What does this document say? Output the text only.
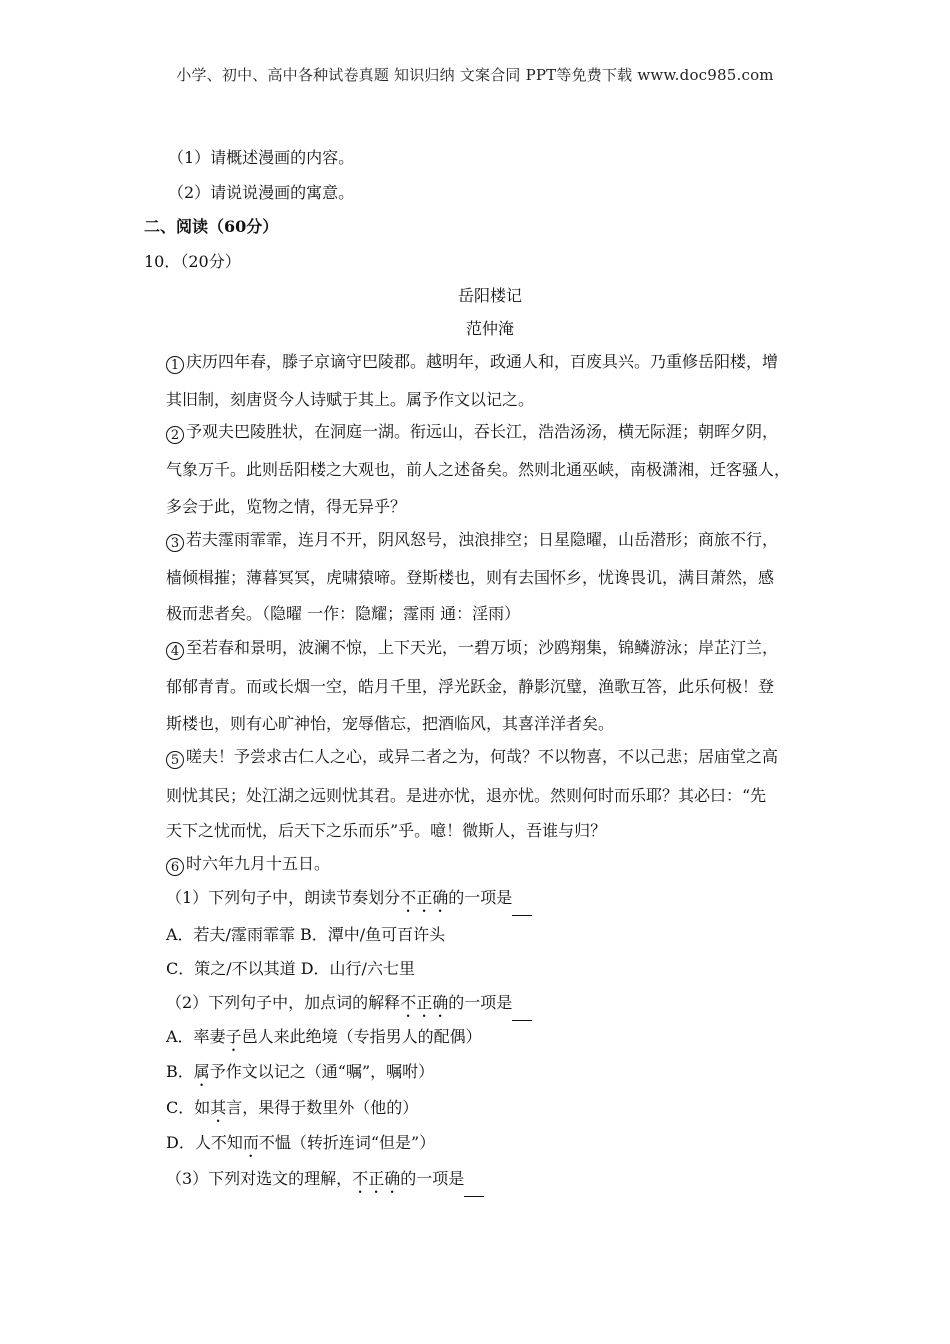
小学、初中、高中各种试卷真题 知识归纳 文案合同 PPT等免费下载 www.doc985.com
（1）请概述漫画的内容。
（2）请说说漫画的寓意。
二、阅读（60分）
10．（20分）
岳阳楼记
范仲淹
1 庆历四年春，滕子京谪守巴陵郡。越明年，政通人和，百废具兴。乃重修岳阳楼，增
其旧制，刻唐贤今人诗赋于其上。属予作文以记之。
2 予观夫巴陵胜状，在洞庭一湖。衔远山，吞长江，浩浩汤汤，横无际涯；朝晖夕阴，
气象万千。此则岳阳楼之大观也，前人之述备矣。然则北通巫峡，南极潇湘，迁客骚人，
多会于此，览物之情，得无异乎？
3 若夫霪雨霏霏，连月不开，阴风怒号，浊浪排空；日星隐曜，山岳潜形；商旅不行，
樯倾楫摧；薄暮冥冥，虎啸猿啼。登斯楼也，则有去国怀乡，忧谗畏讥，满目萧然，感
极而悲者矣。（隐曜 一作：隐耀；霪雨 通：淫雨）
4 至若春和景明，波澜不惊，上下天光，一碧万顷；沙鸥翔集，锦鳞游泳；岸芷汀兰，
郁郁青青。而或长烟一空，皓月千里，浮光跃金，静影沉璧，渔歌互答，此乐何极！登
斯楼也，则有心旷神怡，宠辱偕忘，把酒临风，其喜洋洋者矣。
5 嗟夫！予尝求古仁人之心，或异二者之为，何哉？不以物喜，不以己悲；居庙堂之高
则忧其民；处江湖之远则忧其君。是进亦忧，退亦忧。然则何时而乐耶？其必曰：“先
天下之忧而忧，后天下之乐而乐”乎。噫！微斯人，吾谁与归？
6 时六年九月十五日。
（1）下列句子中，朗读节奏划分不正确的一项是
A．若夫/霪雨霏霏 B．潭中/鱼可百许头
C．策之/不以其道 D．山行/六七里
（2）下列句子中，加点词的解释不正确的一项是
A．率妻子邑人来此绝境（专指男人的配偶）
B．属予作文以记之（通“嘱”，嘱咐）
C．如其言，果得于数里外（他的）
D．人不知而不愠（转折连词“但是”）
（3）下列对选文的理解，不正确的一项是
